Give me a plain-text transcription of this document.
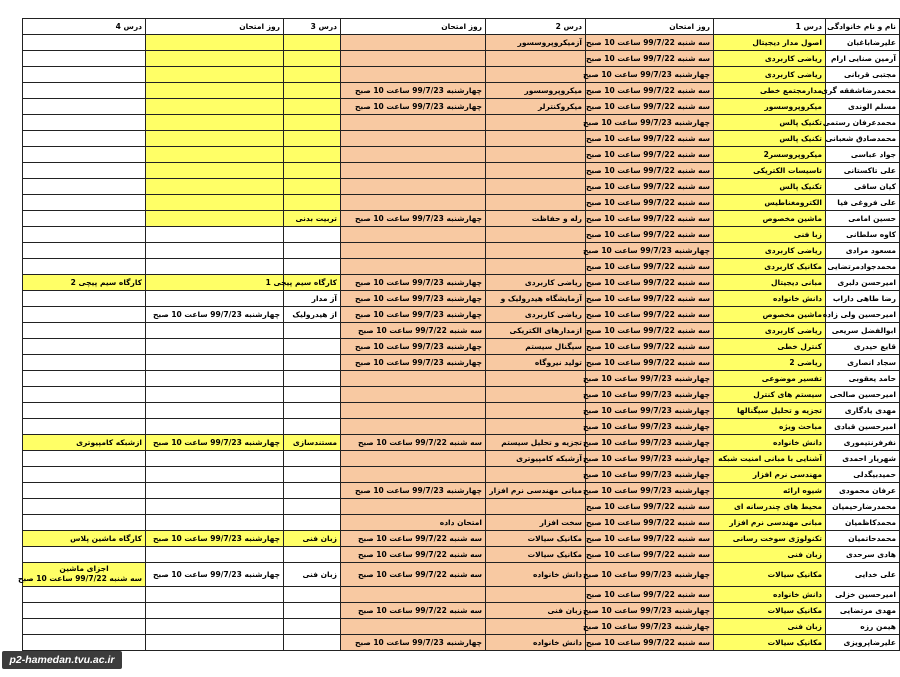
نام و نام خانوادگی
درس 1
روز امتحان
درس 2
روز امتحان
درس 3
روز امتحان
درس 4
علیرضاباغبان
اصول مدار دیجیتال
سه شنبه 99/7/22 ساعت 10 صبح
آزمیکروپروسسور
آرمین صنایی ارام
ریاضی کاربردی
سه شنبه 99/7/22 ساعت 10 صبح
مجتبی قربانی
ریاضی کاربردی
چهارشنبه 99/7/23 ساعت 10 صبح
محمدرضاشفقه گری
مدارمجتمع خطی
سه شنبه 99/7/22 ساعت 10 صبح
میکروپروسسور
چهارشنبه 99/7/23 ساعت 10 صبح
مسلم الوندی
میکروپروسسور
سه شنبه 99/7/22 ساعت 10 صبح
میکروکنترلر
چهارشنبه 99/7/23 ساعت 10 صبح
محمدعرفان رستمی
تکنیک پالس
چهارشنبه 99/7/23 ساعت 10 صبح
محمدصادق شعبانی
تکنیک پالس
سه شنبه 99/7/22 ساعت 10 صبح
جواد عباسی
میکروپروسسر2
سه شنبه 99/7/22 ساعت 10 صبح
علی تاکستانی
تاسیسات الکتریکی
سه شنبه 99/7/22 ساعت 10 صبح
کیان ساقی
تکنیک پالس
سه شنبه 99/7/22 ساعت 10 صبح
علی فروغی فیا
الکترومغناطیس
سه شنبه 99/7/22 ساعت 10 صبح
حسین امامی
ماشین مخصوص
سه شنبه 99/7/22 ساعت 10 صبح
رله و حفاظت
چهارشنبه 99/7/23 ساعت 10 صبح
تربیت بدنی
کاوه سلطانی
زبا فنی
سه شنبه 99/7/22 ساعت 10 صبح
مسعود مرادی
ریاضی کاربردی
چهارشنبه 99/7/23 ساعت 10 صبح
محمدجوادمرتضایی
مکانیک کاربردی
سه شنبه 99/7/22 ساعت 10 صبح
امیرحسن دلبری
مبانی دیجیتال
سه شنبه 99/7/22 ساعت 10 صبح
ریاضی کاربردی
چهارشنبه 99/7/23 ساعت 10 صبح
کارگاه سیم پیچی 1
کارگاه سیم پیچی 2
رضا طاهی داراب
دانش خانواده
سه شنبه 99/7/22 ساعت 10 صبح
آزمایشگاه هیدرولیک و
چهارشنبه 99/7/23 ساعت 10 صبح
آز مدار
امیرحسین ولی زاده
ماشین مخصوص
سه شنبه 99/7/22 ساعت 10 صبح
ریاضی کاربردی
چهارشنبه 99/7/23 ساعت 10 صبح
از هیدرولیک
چهارشنبه 99/7/23 ساعت 10 صبح
ابوالفضل سریعی
ریاضی کاربردی
سه شنبه 99/7/22 ساعت 10 صبح
ازمدارهای الکتریکی
سه شنبه 99/7/22 ساعت 10 صبح
قایع حیدری
کنترل خطی
سه شنبه 99/7/22 ساعت 10 صبح
سیگنال سیستم
چهارشنبه 99/7/23 ساعت 10 صبح
سجاد انصاری
ریاضی 2
سه شنبه 99/7/22 ساعت 10 صبح
تولید نیروگاه
چهارشنبه 99/7/23 ساعت 10 صبح
حامد یعقوبی
تفسیر موضوعی
چهارشنبه 99/7/23 ساعت 10 صبح
امیرحسین صالحی
سیستم های کنترل
چهارشنبه 99/7/23 ساعت 10 صبح
مهدی یادگاری
تجزیه و تحلیل سیگنالها
چهارشنبه 99/7/23 ساعت 10 صبح
امیرحسین قبادی
مباحث ویژه
چهارشنبه 99/7/23 ساعت 10 صبح
نفرفرنتیموری
دانش خانواده
چهارشنبه 99/7/23 ساعت 10 صبح
تجزیه و تحلیل سیستم
سه شنبه 99/7/22 ساعت 10 صبح
مستندسازی
چهارشنبه 99/7/23 ساعت 10 صبح
ازشبکه کامپیوتری
شهریار احمدی
آشنایی با مبانی امنیت شبکه
چهارشنبه 99/7/23 ساعت 10 صبح
آزشبکه کامپیوتری
حمیدبیگدلی
مهندسی نرم افزار
چهارشنبه 99/7/23 ساعت 10 صبح
عرفان محمودی
شیوه ارائه
چهارشنبه 99/7/23 ساعت 10 صبح
مبانی مهندسی نرم افزار
چهارشنبه 99/7/23 ساعت 10 صبح
محمدرضارحیمیان
محیط های چندرسانه ای
سه شنبه 99/7/22 ساعت 10 صبح
محمدکاظمیان
مبانی مهندسی نرم افزار
سه شنبه 99/7/22 ساعت 10 صبح
سخت افزار
امتحان داده
محمدحاتمیان
تکنولوژی سوخت رسانی
سه شنبه 99/7/22 ساعت 10 صبح
مکانیک سیالات
سه شنبه 99/7/22 ساعت 10 صبح
زبان فنی
چهارشنبه 99/7/23 ساعت 10 صبح
کارگاه ماشین پلاس
هادی سرحدی
زبان فنی
سه شنبه 99/7/22 ساعت 10 صبح
مکانیک سیالات
سه شنبه 99/7/22 ساعت 10 صبح
علی خدایی
مکانیک سیالات
چهارشنبه 99/7/23 ساعت 10 صبح
دانش خانواده
سه شنبه 99/7/22 ساعت 10 صبح
زبان فنی
چهارشنبه 99/7/23 ساعت 10 صبح
اجزای ماشین
سه شنبه 99/7/22 ساعت 10 صبح
امیرحسین خزلی
دانش خانواده
سه شنبه 99/7/22 ساعت 10 صبح
مهدی مرتضایی
مکانیک سیالات
چهارشنبه 99/7/23 ساعت 10 صبح
زبان فنی
سه شنبه 99/7/22 ساعت 10 صبح
هیمن رزه
زبان فنی
چهارشنبه 99/7/23 ساعت 10 صبح
علیرضاپرویزی
مکانیک سیالات
سه شنبه 99/7/22 ساعت 10 صبح
دانش خانواده
چهارشنبه 99/7/23 ساعت 10 صبح
p2-hamedan.tvu.ac.ir
